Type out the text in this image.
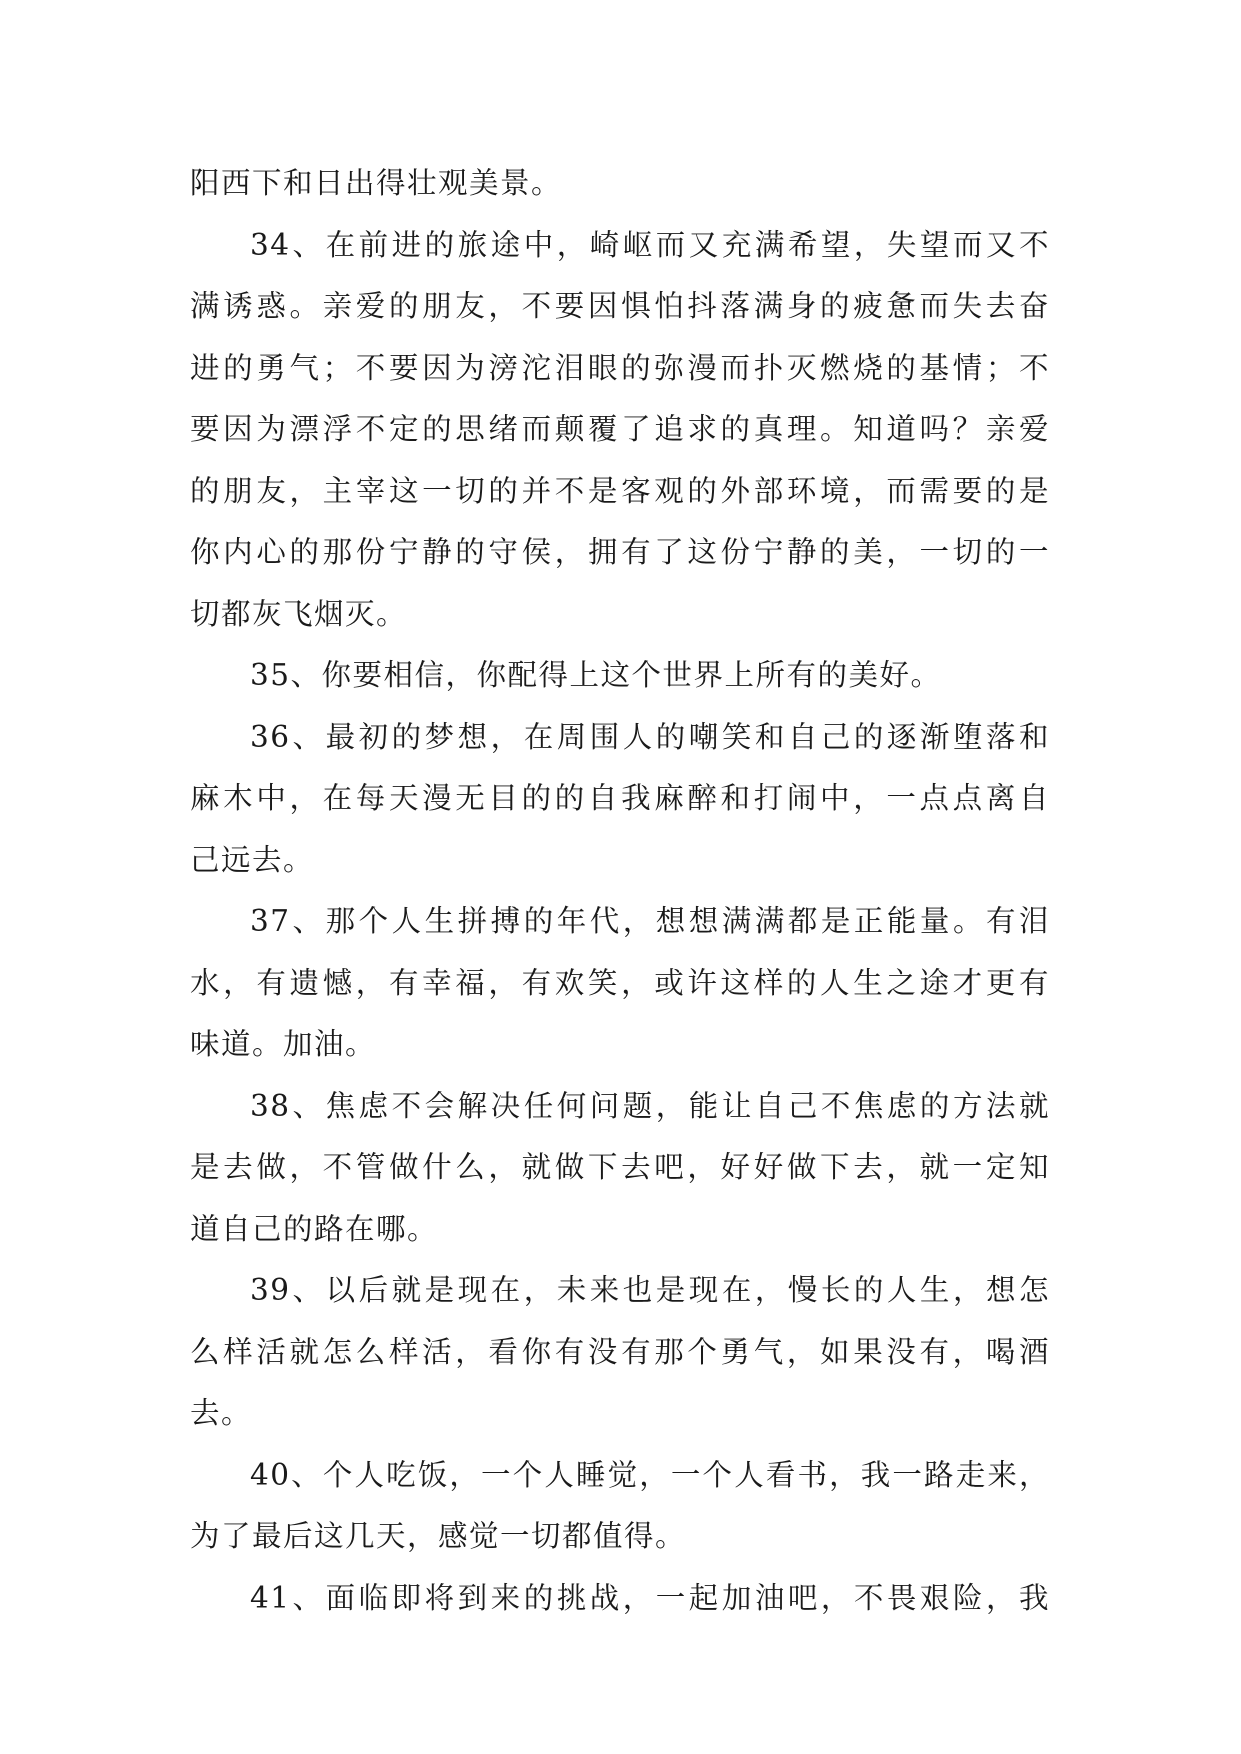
阳西下和日出得壮观美景。
34、在前进的旅途中，崎岖而又充满希望，失望而又不
满诱惑。亲爱的朋友，不要因惧怕抖落满身的疲惫而失去奋
进的勇气；不要因为滂沱泪眼的弥漫而扑灭燃烧的基情；不
要因为漂浮不定的思绪而颠覆了追求的真理。知道吗？亲爱
的朋友，主宰这一切的并不是客观的外部环境，而需要的是
你内心的那份宁静的守侯，拥有了这份宁静的美，一切的一
切都灰飞烟灭。
35、你要相信，你配得上这个世界上所有的美好。
36、最初的梦想，在周围人的嘲笑和自己的逐渐堕落和
麻木中，在每天漫无目的的自我麻醉和打闹中，一点点离自
己远去。
37、那个人生拼搏的年代，想想满满都是正能量。有泪
水，有遗憾，有幸福，有欢笑，或许这样的人生之途才更有
味道。加油。
38、焦虑不会解决任何问题，能让自己不焦虑的方法就
是去做，不管做什么，就做下去吧，好好做下去，就一定知
道自己的路在哪。
39、以后就是现在，未来也是现在，慢长的人生，想怎
么样活就怎么样活，看你有没有那个勇气，如果没有，喝酒
去。
40、个人吃饭，一个人睡觉，一个人看书，我一路走来，
为了最后这几天，感觉一切都值得。
41、面临即将到来的挑战，一起加油吧，不畏艰险，我
